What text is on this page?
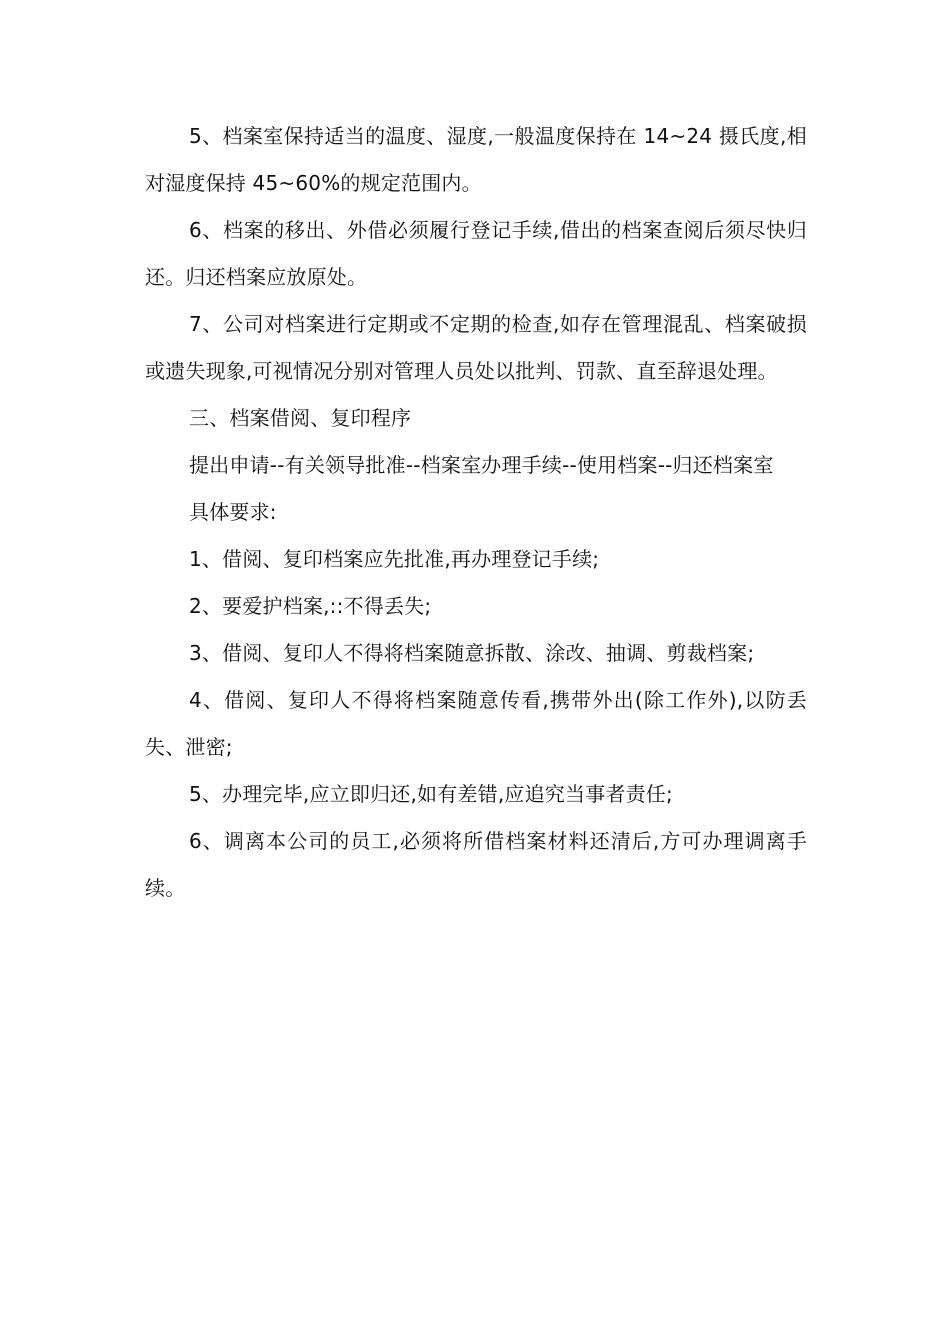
5、档案室保持适当的温度、湿度,一般温度保持在 14~24 摄氏度,相对湿度保持 45~60%的规定范围内。

6、档案的移出、外借必须履行登记手续,借出的档案查阅后须尽快归还。归还档案应放原处。

7、公司对档案进行定期或不定期的检查,如存在管理混乱、档案破损或遗失现象,可视情况分别对管理人员处以批判、罚款、直至辞退处理。

三、档案借阅、复印程序

提出申请--有关领导批准--档案室办理手续--使用档案--归还档案室

具体要求:

1、借阅、复印档案应先批准,再办理登记手续;

2、要爱护档案,::不得丢失;

3、借阅、复印人不得将档案随意拆散、涂改、抽调、剪裁档案;

4、借阅、复印人不得将档案随意传看,携带外出(除工作外),以防丢失、泄密;

5、办理完毕,应立即归还,如有差错,应追究当事者责任;

6、调离本公司的员工,必须将所借档案材料还清后,方可办理调离手续。
